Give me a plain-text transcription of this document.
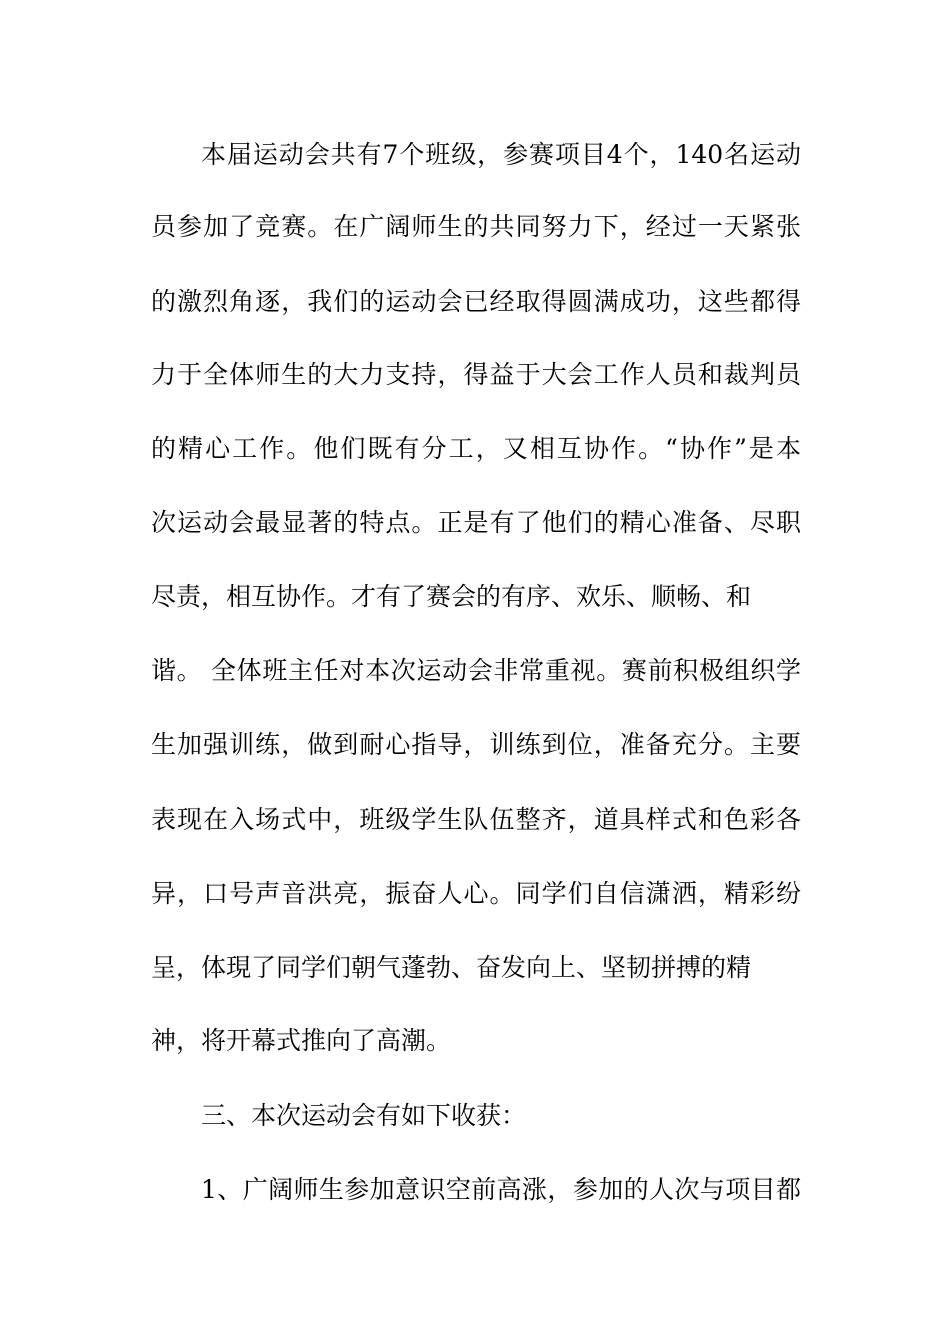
本届运动会共有7个班级，参赛项目4个，140名运动
员参加了竞赛。在广阔师生的共同努力下，经过一天紧张
的激烈角逐，我们的运动会已经取得圆满成功，这些都得
力于全体师生的大力支持，得益于大会工作人员和裁判员
的精心工作。他们既有分工，又相互协作。“协作”是本
次运动会最显著的特点。正是有了他们的精心准备、尽职
尽责，相互协作。才有了赛会的有序、欢乐、顺畅、和
谐。 全体班主任对本次运动会非常重视。赛前积极组织学
生加强训练，做到耐心指导，训练到位，准备充分。主要
表现在入场式中，班级学生队伍整齐，道具样式和色彩各
异，口号声音洪亮，振奋人心。同学们自信潇洒，精彩纷
呈，体現了同学们朝气蓬勃、奋发向上、坚韧拼搏的精
神，将开幕式推向了高潮。
三、本次运动会有如下收获：
1、广阔师生参加意识空前高涨，参加的人次与项目都
